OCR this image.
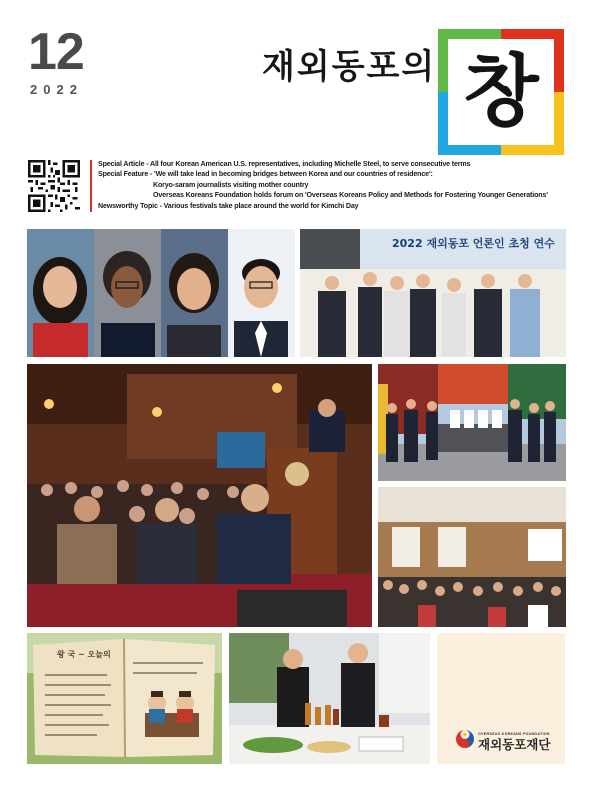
12
2022
재외동포의 창
Special Article - All four Korean American U.S. representatives, including Michelle Steel, to serve consecutive terms
Special Feature - 'We will take lead in becoming bridges between Korea and our countries of residence':
Koryo-saram journalists visiting mother country
Overseas Koreans Foundation holds forum on 'Overseas Koreans Policy and Methods for Fostering Younger Generations'
Newsworthy Topic - Various festivals take place around the world for Kimchi Day
2022 재외동포 언론인 초청 연수
왕 국 ~ 오늘의
OVERSEAS KOREANS FOUNDATION
재외동포재단
